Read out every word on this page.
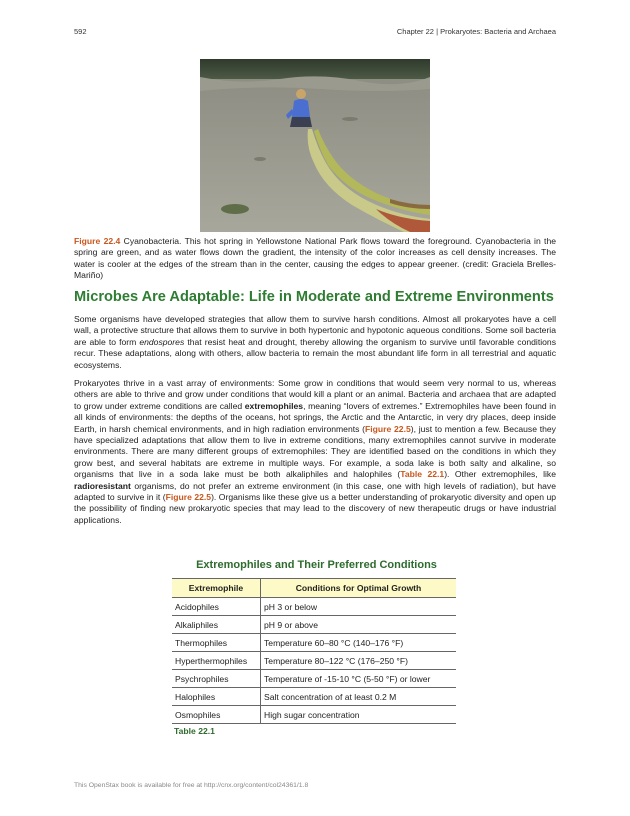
592	Chapter 22 | Prokaryotes: Bacteria and Archaea
Figure 22.4 Cyanobacteria. This hot spring in Yellowstone National Park flows toward the foreground. Cyanobacteria in the spring are green, and as water flows down the gradient, the intensity of the color increases as cell density increases. The water is cooler at the edges of the stream than in the center, causing the edges to appear greener. (credit: Graciela Brelles-Mariño)
Microbes Are Adaptable: Life in Moderate and Extreme Environments

Some organisms have developed strategies that allow them to survive harsh conditions. Almost all prokaryotes have a cell wall, a protective structure that allows them to survive in both hypertonic and hypotonic aqueous conditions. Some soil bacteria are able to form endospores that resist heat and drought, thereby allowing the organism to survive until favorable conditions recur. These adaptations, along with others, allow bacteria to remain the most abundant life form in all terrestrial and aquatic ecosystems.

Prokaryotes thrive in a vast array of environments: Some grow in conditions that would seem very normal to us, whereas others are able to thrive and grow under conditions that would kill a plant or an animal. Bacteria and archaea that are adapted to grow under extreme conditions are called extremophiles, meaning “lovers of extremes.” Extremophiles have been found in all kinds of environments: the depths of the oceans, hot springs, the Arctic and the Antarctic, in very dry places, deep inside Earth, in harsh chemical environments, and in high radiation environments (Figure 22.5), just to mention a few. Because they have specialized adaptations that allow them to live in extreme conditions, many extremophiles cannot survive in moderate environments. There are many different groups of extremophiles: They are identified based on the conditions in which they grow best, and several habitats are extreme in multiple ways. For example, a soda lake is both salty and alkaline, so organisms that live in a soda lake must be both alkaliphiles and halophiles (Table 22.1). Other extremophiles, like radioresistant organisms, do not prefer an extreme environment (in this case, one with high levels of radiation), but have adapted to survive in it (Figure 22.5). Organisms like these give us a better understanding of prokaryotic diversity and open up the possibility of finding new prokaryotic species that may lead to the discovery of new therapeutic drugs or have industrial applications.

Extremophiles and Their Preferred Conditions
Extremophile	Conditions for Optimal Growth
Acidophiles	pH 3 or below
Alkaliphiles	pH 9 or above
Thermophiles	Temperature 60–80 °C (140–176 °F)
Hyperthermophiles	Temperature 80–122 °C (176–250 °F)
Psychrophiles	Temperature of -15-10 °C (5-50 °F) or lower
Halophiles	Salt concentration of at least 0.2 M
Osmophiles	High sugar concentration
Table 22.1
This OpenStax book is available for free at http://cnx.org/content/col24361/1.8
